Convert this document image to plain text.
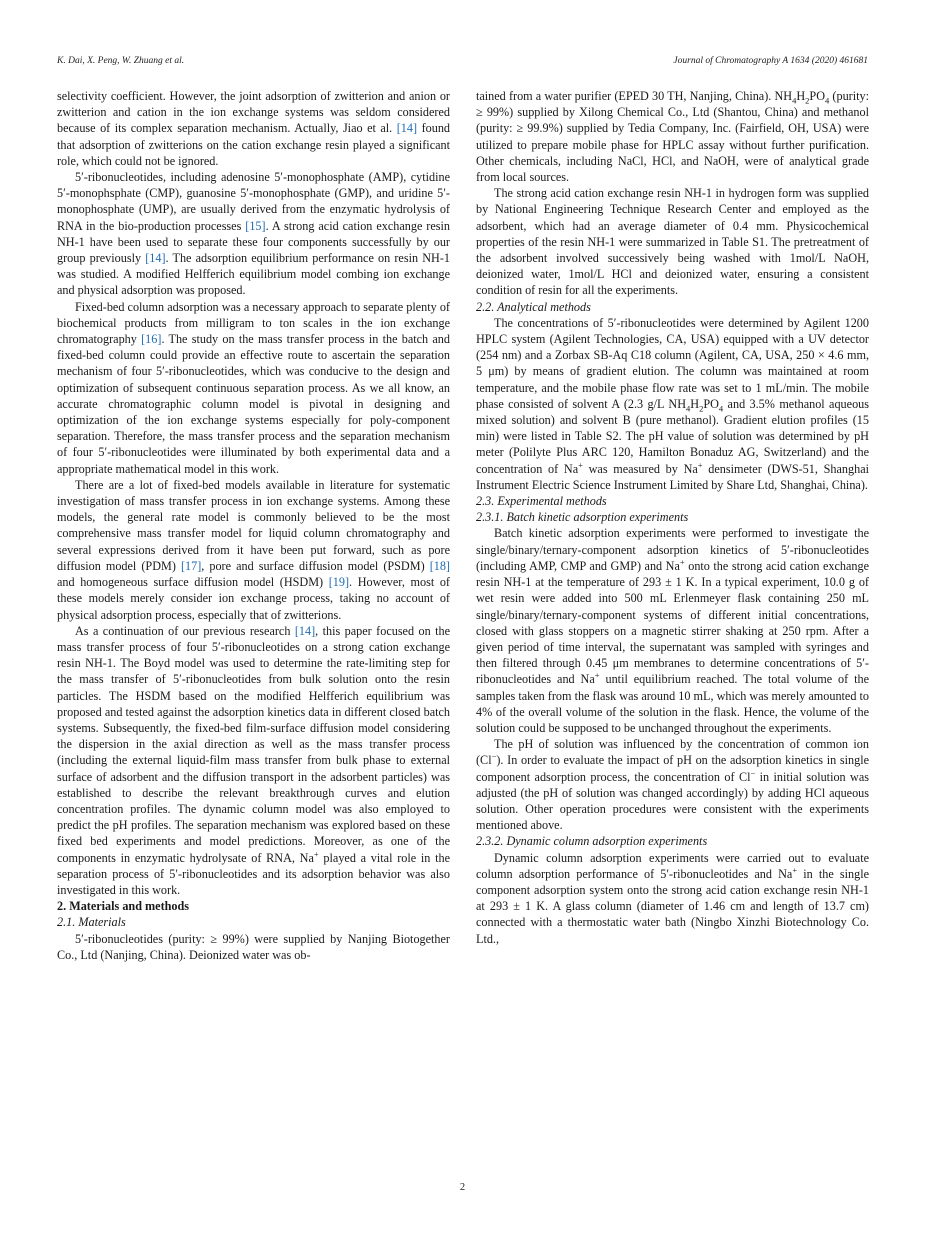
K. Dai, X. Peng, W. Zhuang et al.	Journal of Chromatography A 1634 (2020) 461681

selectivity coefficient. However, the joint adsorption of zwitterion and anion or zwitterion and cation in the ion exchange systems was seldom considered because of its complex separation mechanism. Actually, Jiao et al. [14] found that adsorption of zwitterions on the cation exchange resin played a significant role, which could not be ignored.

5′-ribonucleotides, including adenosine 5′-monophosphate (AMP), cytidine 5′-monophsphate (CMP), guanosine 5′-monophosphate (GMP), and uridine 5′-monophosphate (UMP), are usually derived from the enzymatic hydrolysis of RNA in the bio-production processes [15]. A strong acid cation exchange resin NH-1 have been used to separate these four components successfully by our group previously [14]. The adsorption equilibrium performance on resin NH-1 was studied. A modified Helfferich equilibrium model combing ion exchange and physical adsorption was proposed.

Fixed-bed column adsorption was a necessary approach to separate plenty of biochemical products from milligram to ton scales in the ion exchange chromatography [16]. The study on the mass transfer process in the batch and fixed-bed column could provide an effective route to ascertain the separation mechanism of four 5′-ribonucleotides, which was conducive to the design and optimization of subsequent continuous separation process. As we all know, an accurate chromatographic column model is pivotal in designing and optimization of the ion exchange systems especially for poly-component separation. Therefore, the mass transfer process and the separation mechanism of four 5′-ribonucleotides were illuminated by both experimental data and a appropriate mathematical model in this work.

There are a lot of fixed-bed models available in literature for systematic investigation of mass transfer process in ion exchange systems. Among these models, the general rate model is commonly believed to be the most comprehensive mass transfer model for liquid column chromatography and several expressions derived from it have been put forward, such as pore diffusion model (PDM) [17], pore and surface diffusion model (PSDM) [18] and homogeneous surface diffusion model (HSDM) [19]. However, most of these models merely consider ion exchange process, taking no account of physical adsorption process, especially that of zwitterions.

As a continuation of our previous research [14], this paper focused on the mass transfer process of four 5′-ribonucleotides on a strong cation exchange resin NH-1. The Boyd model was used to determine the rate-limiting step for the mass transfer of 5′-ribonucleotides from bulk solution onto the resin particles. The HSDM based on the modified Helfferich equilibrium was proposed and tested against the adsorption kinetics data in different closed batch systems. Subsequently, the fixed-bed film-surface diffusion model considering the dispersion in the axial direction as well as the mass transfer process (including the external liquid-film mass transfer from bulk phase to external surface of adsorbent and the diffusion transport in the adsorbent particles) was established to describe the relevant breakthrough curves and elution concentration profiles. The dynamic column model was also employed to predict the pH profiles. The separation mechanism was explored based on these fixed bed experiments and model predictions. Moreover, as one of the components in enzymatic hydrolysate of RNA, Na+ played a vital role in the separation process of 5′-ribonucleotides and its adsorption behavior was also investigated in this work.

2. Materials and methods

2.1. Materials

5′-ribonucleotides (purity: ≥ 99%) were supplied by Nanjing Biotogether Co., Ltd (Nanjing, China). Deionized water was ob-

tained from a water purifier (EPED 30 TH, Nanjing, China). $NH_4H_2PO_4$ (purity: ≥ 99%) supplied by Xilong Chemical Co., Ltd (Shantou, China) and methanol (purity: ≥ 99.9%) supplied by Tedia Company, Inc. (Fairfield, OH, USA) were utilized to prepare mobile phase for HPLC assay without further purification. Other chemicals, including NaCl, HCl, and NaOH, were of analytical grade from local sources.

The strong acid cation exchange resin NH-1 in hydrogen form was supplied by National Engineering Technique Research Center and employed as the adsorbent, which had an average diameter of 0.4 mm. Physicochemical properties of the resin NH-1 were summarized in Table S1. The pretreatment of the adsorbent involved successively being washed with 1mol/L NaOH, deionized water, 1mol/L HCl and deionized water, ensuring a consistent condition of resin for all the experiments.

2.2. Analytical methods

The concentrations of 5′-ribonucleotides were determined by Agilent 1200 HPLC system (Agilent Technologies, CA, USA) equipped with a UV detector (254 nm) and a Zorbax SB-Aq C18 column (Agilent, CA, USA, 250 × 4.6 mm, 5 μm) by means of gradient elution. The column was maintained at room temperature, and the mobile phase flow rate was set to 1 mL/min. The mobile phase consisted of solvent A (2.3 g/L $NH_4H_2PO_4$ and 3.5% methanol aqueous mixed solution) and solvent B (pure methanol). Gradient elution profiles (15 min) were listed in Table S2. The pH value of solution was determined by pH meter (Polilyte Plus ARC 120, Hamilton Bonaduz AG, Switzerland) and the concentration of Na+ was measured by Na+ densimeter (DWS-51, Shanghai Instrument Electric Science Instrument Limited by Share Ltd, Shanghai, China).

2.3. Experimental methods

2.3.1. Batch kinetic adsorption experiments

Batch kinetic adsorption experiments were performed to investigate the single/binary/ternary-component adsorption kinetics of 5′-ribonucleotides (including AMP, CMP and GMP) and Na+ onto the strong acid cation exchange resin NH-1 at the temperature of 293 ± 1 K. In a typical experiment, 10.0 g of wet resin were added into 500 mL Erlenmeyer flask containing 250 mL single/binary/ternary-component systems of different initial concentrations, closed with glass stoppers on a magnetic stirrer shaking at 250 rpm. After a given period of time interval, the supernatant was sampled with syringes and then filtered through 0.45 μm membranes to determine concentrations of 5′-ribonucleotides and Na+ until equilibrium reached. The total volume of the samples taken from the flask was around 10 mL, which was merely amounted to 4% of the overall volume of the solution in the flask. Hence, the volume of the solution could be supposed to be unchanged throughout the experiments.

The pH of solution was influenced by the concentration of common ion (Cl−). In order to evaluate the impact of pH on the adsorption kinetics in single component adsorption process, the concentration of Cl− in initial solution was adjusted (the pH of solution was changed accordingly) by adding HCl aqueous solution. Other operation procedures were consistent with the experiments mentioned above.

2.3.2. Dynamic column adsorption experiments

Dynamic column adsorption experiments were carried out to evaluate column adsorption performance of 5′-ribonucleotides and Na+ in the single component adsorption system onto the strong acid cation exchange resin NH-1 at 293 ± 1 K. A glass column (diameter of 1.46 cm and length of 13.7 cm) connected with a thermostatic water bath (Ningbo Xinzhi Biotechnology Co. Ltd.,

2
